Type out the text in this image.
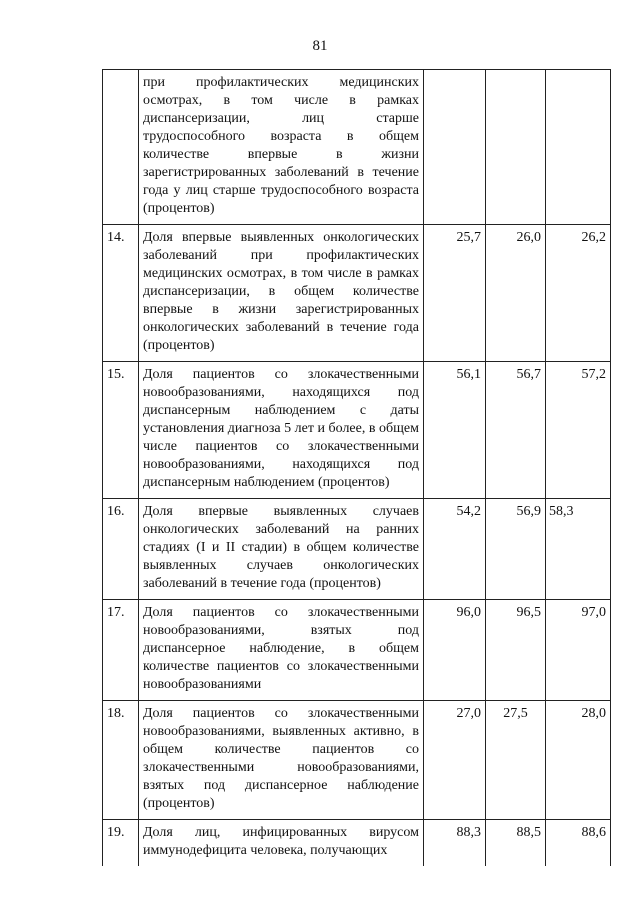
81
	при профилактических медицинских осмотрах, в том числе в рамках диспансеризации, лиц старше трудоспособного возраста в общем количестве впервые в жизни зарегистрированных заболеваний в течение года у лиц старше трудоспособного возраста (процентов)			
14.	Доля впервые выявленных онкологических заболеваний при профилактических медицинских осмотрах, в том числе в рамках диспансеризации, в общем количестве впервые в жизни зарегистрированных онкологических заболеваний в течение года (процентов)	25,7	26,0	26,2
15.	Доля пациентов со злокачественными новообразованиями, находящихся под диспансерным наблюдением с даты установления диагноза 5 лет и более, в общем числе пациентов со злокачественными новообразованиями, находящихся под диспансерным наблюдением (процентов)	56,1	56,7	57,2
16.	Доля впервые выявленных случаев онкологических заболеваний на ранних стадиях (I и II стадии) в общем количестве выявленных случаев онкологических заболеваний в течение года (процентов)	54,2	56,9	58,3
17.	Доля пациентов со злокачественными новообразованиями, взятых под диспансерное наблюдение, в общем количестве пациентов со злокачественными новообразованиями	96,0	96,5	97,0
18.	Доля пациентов со злокачественными новообразованиями, выявленных активно, в общем количестве пациентов со злокачественными новообразованиями, взятых под диспансерное наблюдение (процентов)	27,0	27,5	28,0
19.	Доля лиц, инфицированных вирусом иммунодефицита человека, получающих	88,3	88,5	88,6
